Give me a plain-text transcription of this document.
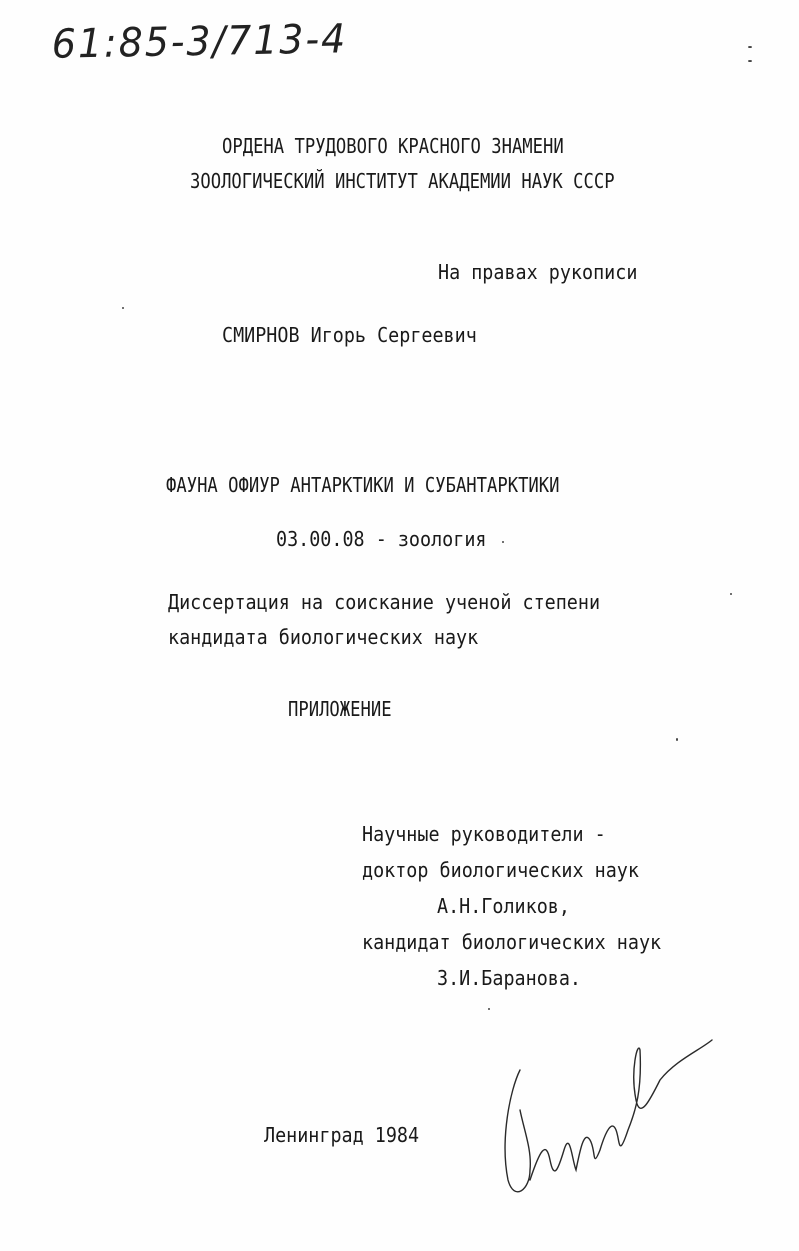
61:85-3/713-4
ОРДЕНА ТРУДОВОГО КРАСНОГО ЗНАМЕНИ
ЗООЛОГИЧЕСКИЙ ИНСТИТУТ АКАДЕМИИ НАУК СССР
На правах рукописи
СМИРНОВ Игорь Сергеевич
ФАУНА ОФИУР АНТАРКТИКИ И СУБАНТАРКТИКИ
03.00.08 - зоология
Диссертация на соискание ученой степени
кандидата биологических наук
ПРИЛОЖЕНИЕ
Научные руководители -
доктор биологических наук
А.Н.Голиков,
кандидат биологических наук
З.И.Баранова.
Ленинград 1984
